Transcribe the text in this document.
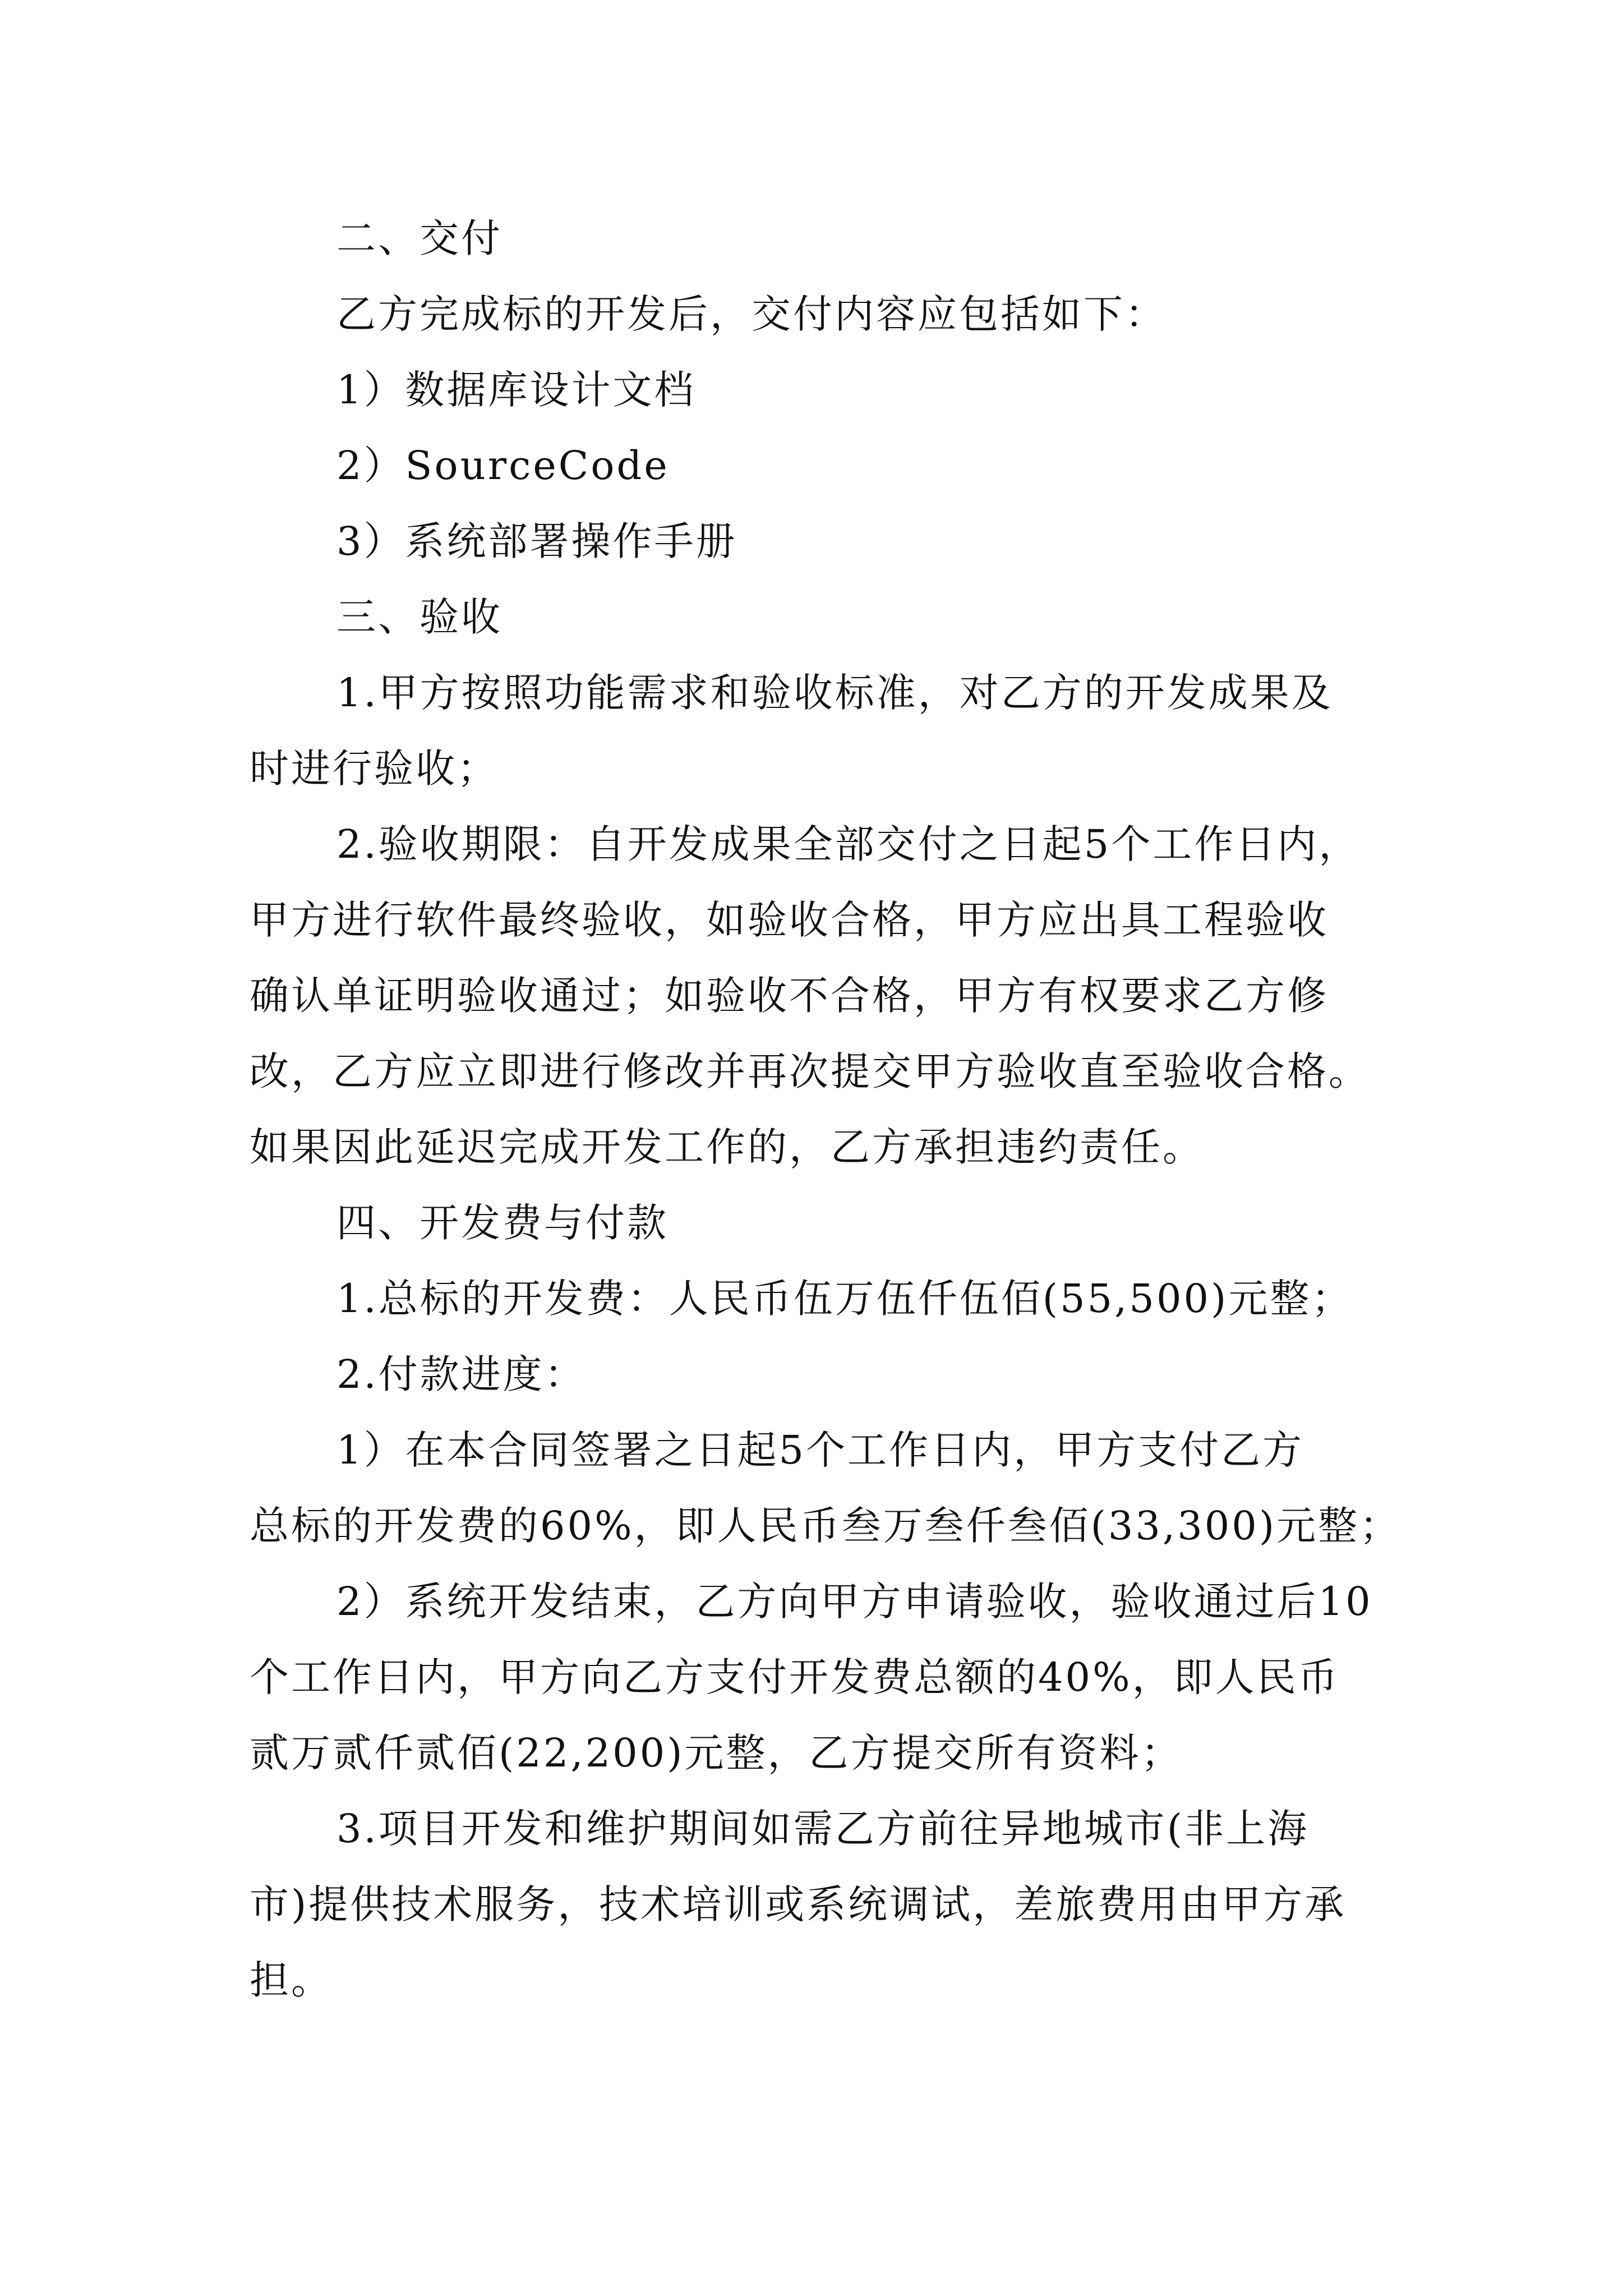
二、交付

乙方完成标的开发后，交付内容应包括如下：

1）数据库设计文档

2）SourceCode

3）系统部署操作手册

三、验收

1.甲方按照功能需求和验收标准，对乙方的开发成果及

时进行验收；

2.验收期限：自开发成果全部交付之日起5个工作日内，

甲方进行软件最终验收，如验收合格，甲方应出具工程验收

确认单证明验收通过；如验收不合格，甲方有权要求乙方修

改，乙方应立即进行修改并再次提交甲方验收直至验收合格。

如果因此延迟完成开发工作的，乙方承担违约责任。

四、开发费与付款

1.总标的开发费：人民币伍万伍仟伍佰(55,500)元整；

2.付款进度：

1）在本合同签署之日起5个工作日内，甲方支付乙方

总标的开发费的60%，即人民币叁万叁仟叁佰(33,300)元整；

2）系统开发结束，乙方向甲方申请验收，验收通过后10

个工作日内，甲方向乙方支付开发费总额的40%，即人民币

贰万贰仟贰佰(22,200)元整，乙方提交所有资料；

3.项目开发和维护期间如需乙方前往异地城市(非上海

市)提供技术服务，技术培训或系统调试，差旅费用由甲方承

担。
